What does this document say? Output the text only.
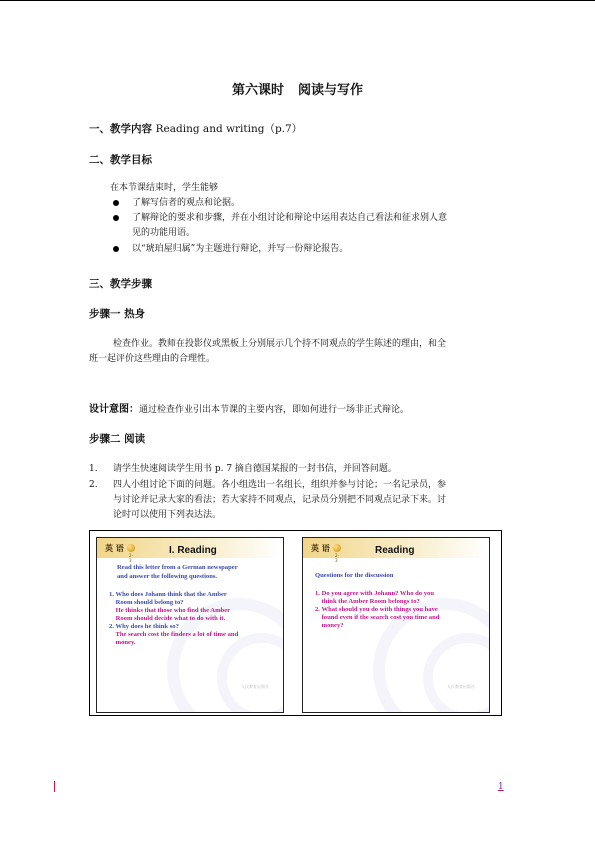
第六课时 阅读与写作
一、教学内容 Reading and writing（p.7）
二、教学目标
在本节课结束时，学生能够
了解写信者的观点和论据。
了解辩论的要求和步骤，并在小组讨论和辩论中运用表达自己看法和征求别人意
见的功能用语。
以“琥珀屋归属”为主题进行辩论，并写一份辩论报告。
三、教学步骤
步骤一 热身
检查作业。教师在投影仪或黑板上分别展示几个持不同观点的学生陈述的理由，和全
班一起评价这些理由的合理性。
设计意图：通过检查作业引出本节课的主要内容，即如何进行一场非正式辩论。
步骤二 阅读
1. 请学生快速阅读学生用书 p. 7 摘自德国某报的一封书信，并回答问题。
2. 四人小组讨论下面的问题。各小组选出一名组长，组织并参与讨论；一名记录员，参
与讨论并记录大家的看法；若大家持不同观点，记录员分别把不同观点记录下来。讨
论时可以使用下列表达法。
英 语
2-3
I. Reading
Read this letter from a German newspaper
and answer the following questions.
1. Who does Johann think that the Amber
Room should belong to?
He thinks that those who find the Amber
Room should decide what to do with it.
2. Why does he think so?
The search cost the finders a lot of time and
money.
人民教育出版社
英 语
2-3
Reading
Questions for the discussion
1. Do you agree with Johann? Who do you
think the Amber Room belongs to?
2. What should you do with things you have
found even if the search cost you time and
money?
人民教育出版社
1
